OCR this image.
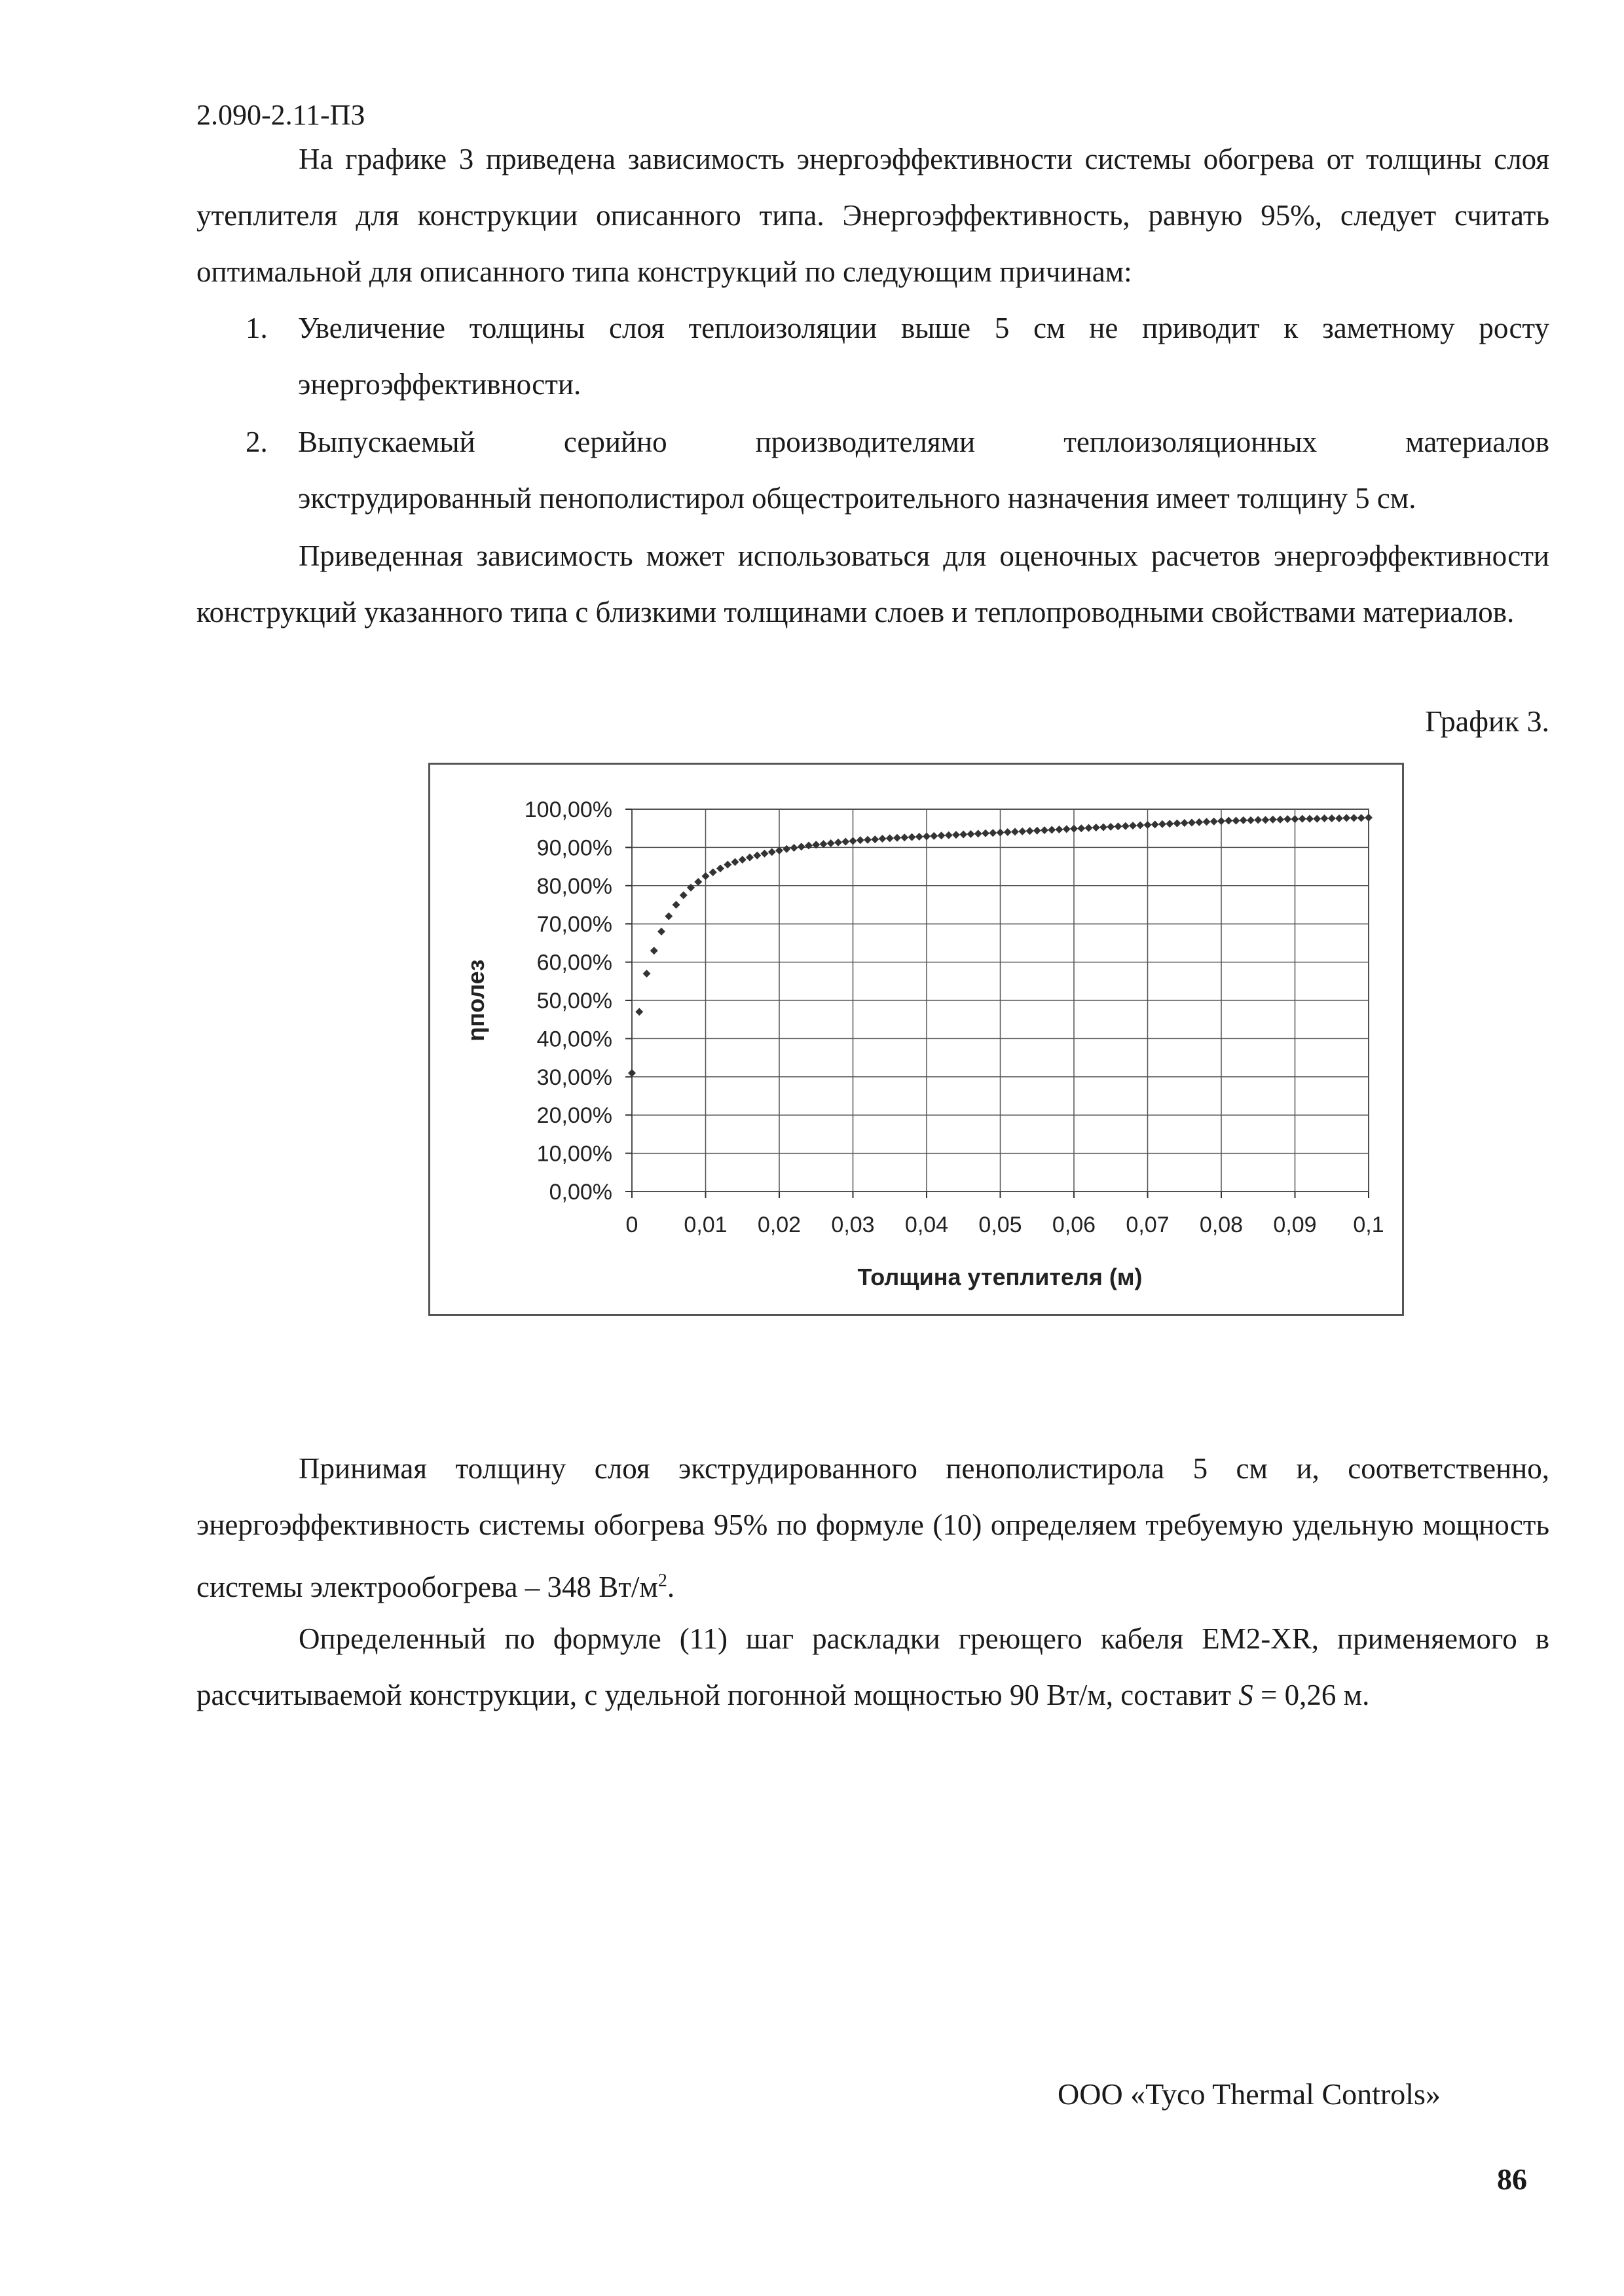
2.090-2.11-ПЗ

На графике 3 приведена зависимость энергоэффективности системы обогрева от толщины слоя утеплителя для конструкции описанного типа. Энергоэффективность, равную 95%, следует считать оптимальной для описанного типа конструкций по следующим причинам:

1. Увеличение толщины слоя теплоизоляции выше 5 см не приводит к заметному росту
энергоэффективности.
2. Выпускаемый серийно производителями теплоизоляционных материалов
экструдированный пенополистирол общестроительного назначения имеет толщину 5 см.

Приведенная зависимость может использоваться для оценочных расчетов энергоэффективности конструкций указанного типа с близкими толщинами слоев и теплопроводными свойствами материалов.

График 3.
0,00%
10,00%
20,00%
30,00%
40,00%
50,00%
60,00%
70,00%
80,00%
90,00%
100,00%
0 0,01 0,02 0,03 0,04 0,05 0,06 0,07 0,08 0,09 0,1
ηполез
Толщина утеплителя (м)

Принимая толщину слоя экструдированного пенополистирола 5 см и, соответственно, энергоэффективность системы обогрева 95% по формуле (10) определяем требуемую удельную мощность системы электрообогрева – 348 $Вт/м^2$.

Определенный по формуле (11) шаг раскладки греющего кабеля EM2-XR, применяемого в рассчитываемой конструкции, с удельной погонной мощностью 90 Вт/м, составит S = 0,26 м.

ООО «Tyco Thermal Controls»
86
